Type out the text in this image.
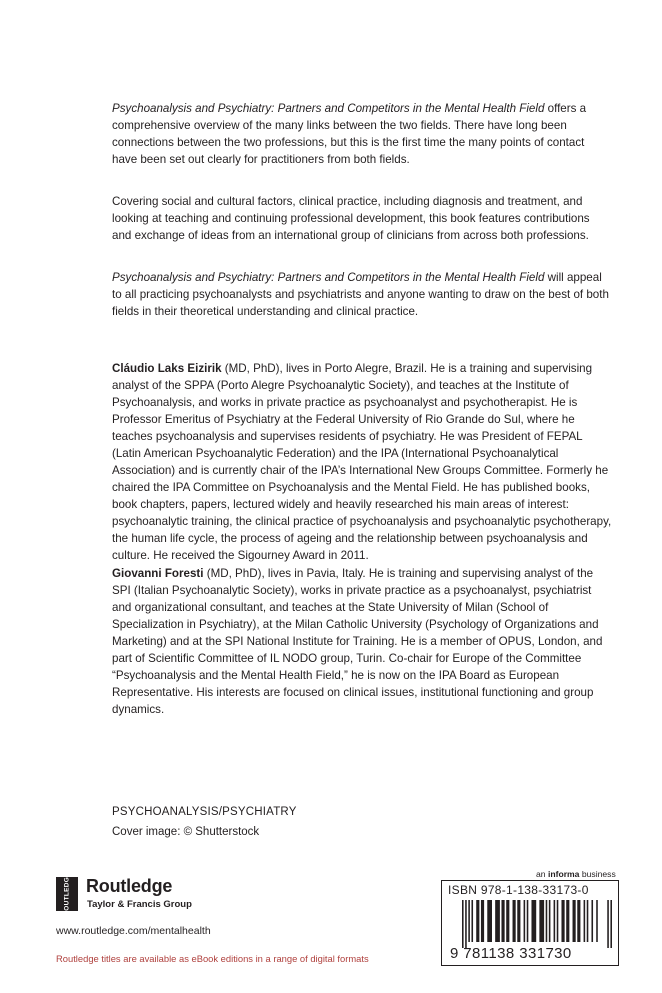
Psychoanalysis and Psychiatry: Partners and Competitors in the Mental Health Field offers a comprehensive overview of the many links between the two fields. There have long been connections between the two professions, but this is the first time the many points of contact have been set out clearly for practitioners from both fields.

Covering social and cultural factors, clinical practice, including diagnosis and treatment, and looking at teaching and continuing professional development, this book features contributions and exchange of ideas from an international group of clinicians from across both professions.

Psychoanalysis and Psychiatry: Partners and Competitors in the Mental Health Field will appeal to all practicing psychoanalysts and psychiatrists and anyone wanting to draw on the best of both fields in their theoretical understanding and clinical practice.

Cláudio Laks Eizirik (MD, PhD), lives in Porto Alegre, Brazil. He is a training and supervising analyst of the SPPA (Porto Alegre Psychoanalytic Society), and teaches at the Institute of Psychoanalysis, and works in private practice as psychoanalyst and psychotherapist. He is Professor Emeritus of Psychiatry at the Federal University of Rio Grande do Sul, where he teaches psychoanalysis and supervises residents of psychiatry. He was President of FEPAL (Latin American Psychoanalytic Federation) and the IPA (International Psychoanalytical Association) and is currently chair of the IPA’s International New Groups Committee. Formerly he chaired the IPA Committee on Psychoanalysis and the Mental Field. He has published books, book chapters, papers, lectured widely and heavily researched his main areas of interest: psychoanalytic training, the clinical practice of psychoanalysis and psychoanalytic psychotherapy, the human life cycle, the process of ageing and the relationship between psychoanalysis and culture. He received the Sigourney Award in 2011.

Giovanni Foresti (MD, PhD), lives in Pavia, Italy. He is training and supervising analyst of the SPI (Italian Psychoanalytic Society), works in private practice as a psychoanalyst, psychiatrist and organizational consultant, and teaches at the State University of Milan (School of Specialization in Psychiatry), at the Milan Catholic University (Psychology of Organizations and Marketing) and at the SPI National Institute for Training. He is a member of OPUS, London, and part of Scientific Committee of IL NODO group, Turin. Co-chair for Europe of the Committee “Psychoanalysis and the Mental Health Field,” he is now on the IPA Board as European Representative. His interests are focused on clinical issues, institutional functioning and group dynamics.

PSYCHOANALYSIS/PSYCHIATRY
Cover image: © Shutterstock
ROUTLEDGE Routledge
Taylor & Francis Group
www.routledge.com/mentalhealth
Routledge titles are available as eBook editions in a range of digital formats
an informa business
ISBN 978-1-138-33173-0
9 781138 331730
